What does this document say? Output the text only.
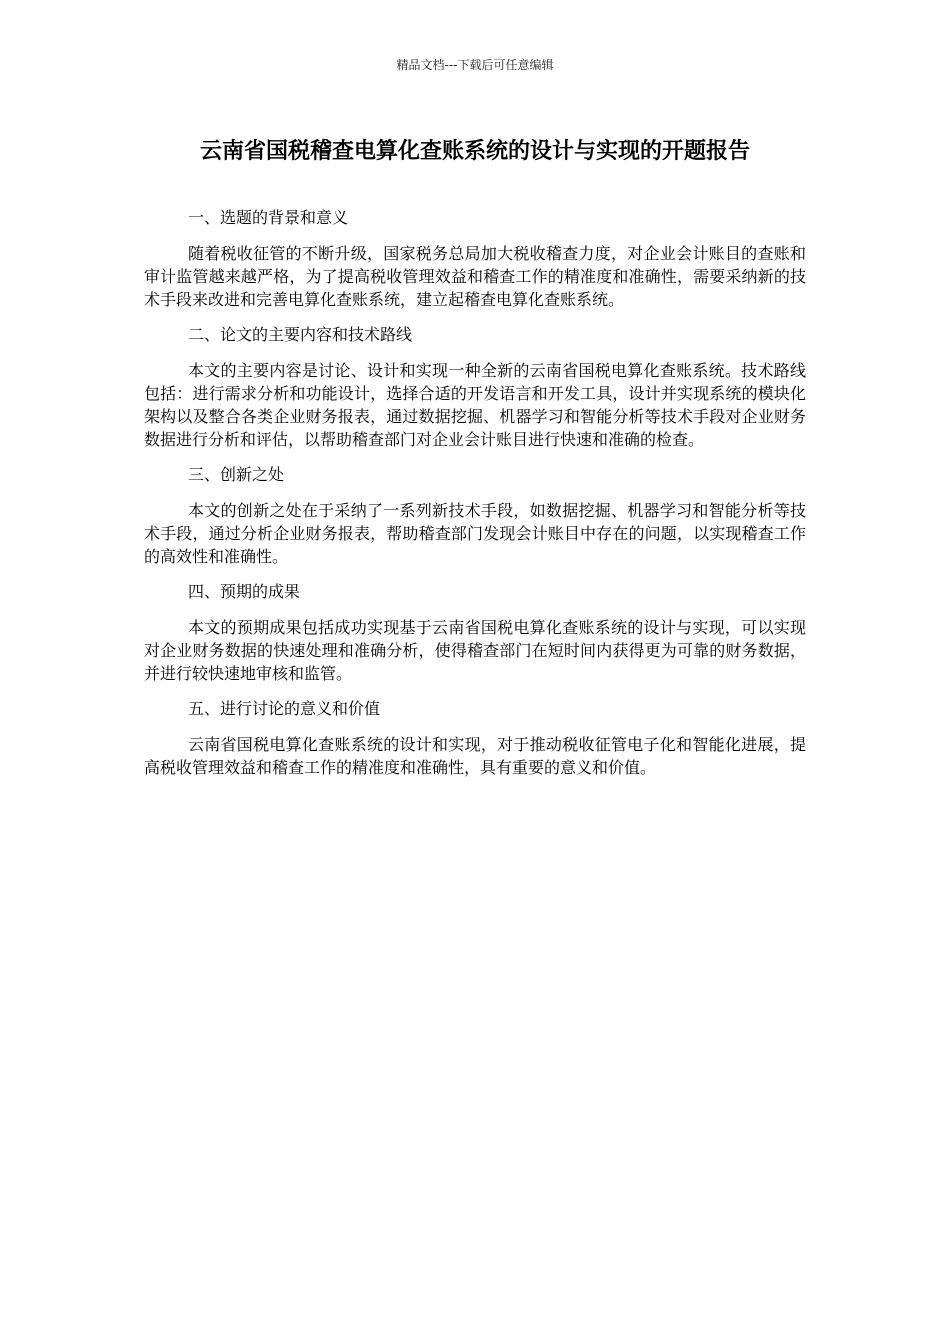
精品文档---下载后可任意编辑
云南省国税稽查电算化查账系统的设计与实现的开题报告
一、选题的背景和意义

随着税收征管的不断升级，国家税务总局加大税收稽查力度，对企业会计账目的查账和审计监管越来越严格，为了提高税收管理效益和稽查工作的精准度和准确性，需要采纳新的技术手段来改进和完善电算化查账系统，建立起稽查电算化查账系统。

二、论文的主要内容和技术路线

本文的主要内容是讨论、设计和实现一种全新的云南省国税电算化查账系统。技术路线包括：进行需求分析和功能设计，选择合适的开发语言和开发工具，设计并实现系统的模块化架构以及整合各类企业财务报表，通过数据挖掘、机器学习和智能分析等技术手段对企业财务数据进行分析和评估，以帮助稽查部门对企业会计账目进行快速和准确的检查。

三、创新之处

本文的创新之处在于采纳了一系列新技术手段，如数据挖掘、机器学习和智能分析等技术手段，通过分析企业财务报表，帮助稽查部门发现会计账目中存在的问题，以实现稽查工作的高效性和准确性。

四、预期的成果

本文的预期成果包括成功实现基于云南省国税电算化查账系统的设计与实现，可以实现对企业财务数据的快速处理和准确分析，使得稽查部门在短时间内获得更为可靠的财务数据，并进行较快速地审核和监管。

五、进行讨论的意义和价值

云南省国税电算化查账系统的设计和实现，对于推动税收征管电子化和智能化进展，提高税收管理效益和稽查工作的精准度和准确性，具有重要的意义和价值。
